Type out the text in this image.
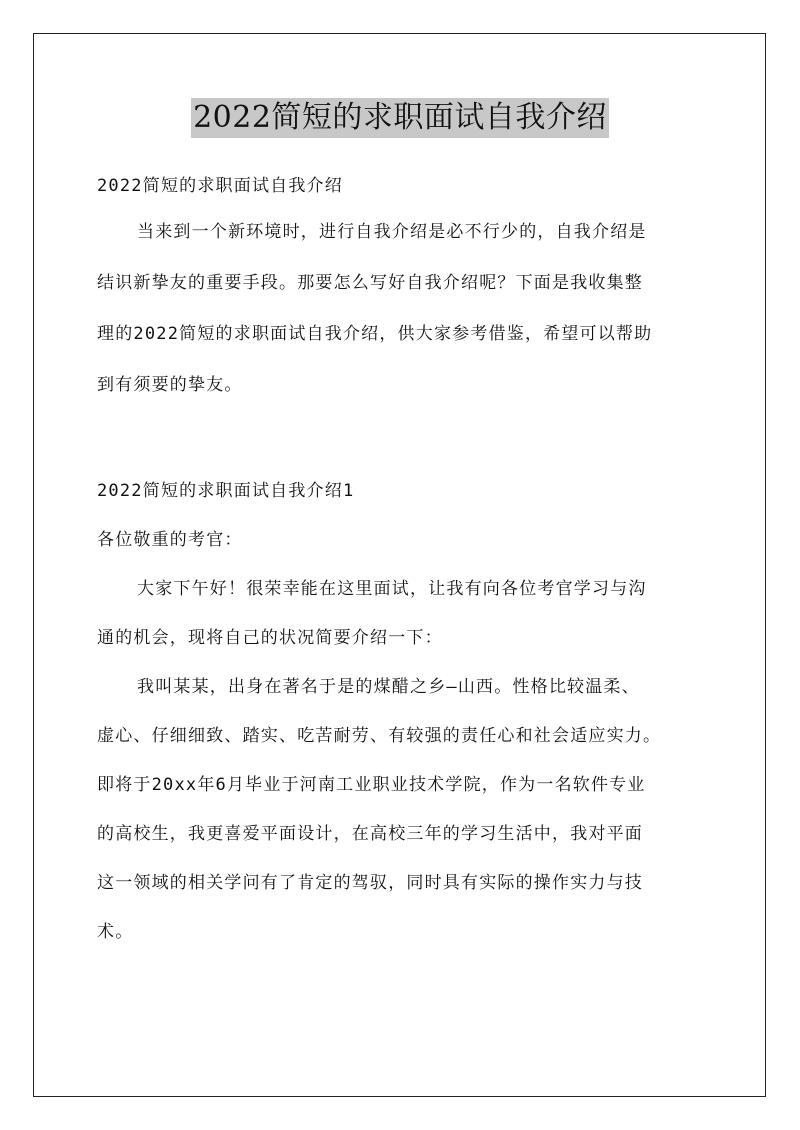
2022简短的求职面试自我介绍
2022简短的求职面试自我介绍
当来到一个新环境时，进行自我介绍是必不行少的，自我介绍是
结识新挚友的重要手段。那要怎么写好自我介绍呢？下面是我收集整
理的2022简短的求职面试自我介绍，供大家参考借鉴，希望可以帮助
到有须要的挚友。
2022简短的求职面试自我介绍1
各位敬重的考官：
大家下午好！很荣幸能在这里面试，让我有向各位考官学习与沟
通的机会，现将自己的状况简要介绍一下：
我叫某某，出身在著名于是的煤醋之乡—山西。性格比较温柔、
虚心、仔细细致、踏实、吃苦耐劳、有较强的责任心和社会适应实力。
即将于20xx年6月毕业于河南工业职业技术学院，作为一名软件专业
的高校生，我更喜爱平面设计，在高校三年的学习生活中，我对平面
这一领域的相关学问有了肯定的驾驭，同时具有实际的操作实力与技
术。
